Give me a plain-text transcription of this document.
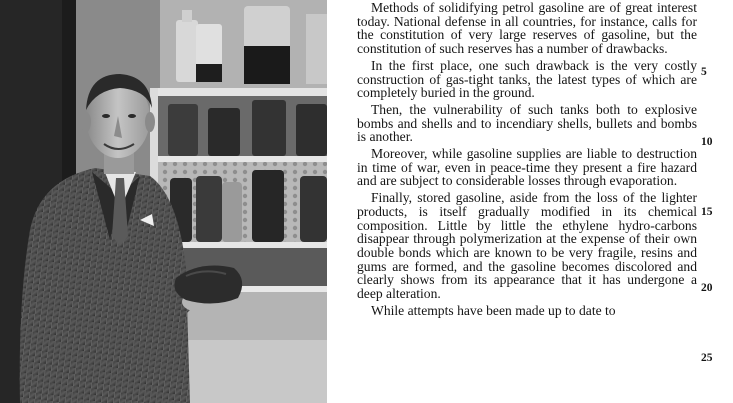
Methods of solidifying petrol gasoline are of great interest today. National defense in all countries, for instance, calls for the constitution of very large reserves of gasoline, but the constitution of such reserves has a number of drawbacks.

In the first place, one such drawback is the very costly construction of gas-tight tanks, the latest types of which are completely buried in the ground.

Then, the vulnerability of such tanks both to explosive bombs and shells and to incendiary shells, bullets and bombs is another.

Moreover, while gasoline supplies are liable to destruction in time of war, even in peace-time they present a fire hazard and are subject to considerable losses through evaporation.

Finally, stored gasoline, aside from the loss of the lighter products, is itself gradually modified in its chemical composition. Little by little the ethylene hydro-carbons disappear through polymerization at the expense of their own double bonds which are known to be very fragile, resins and gums are formed, and the gasoline becomes discolored and clearly shows from its appearance that it has undergone a deep alteration.

While attempts have been made up to date to

5
10
15
20
25
